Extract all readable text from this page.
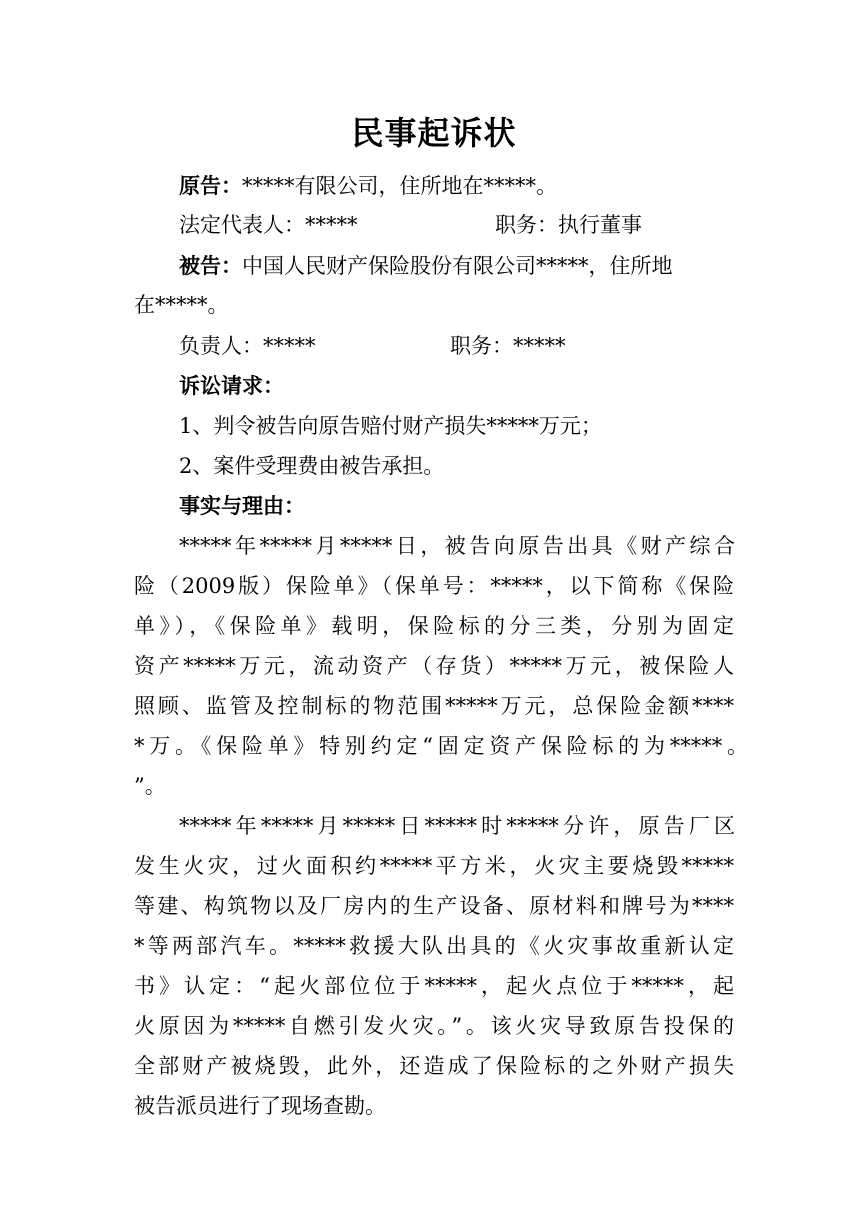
民事起诉状
原告：*****有限公司，住所地在*****。
法定代表人：*****	职务：执行董事
被告：中国人民财产保险股份有限公司*****，住所地
在*****。
负责人：*****	职务：*****
诉讼请求：
1、判令被告向原告赔付财产损失*****万元；
2、案件受理费由被告承担。
事实与理由：
*****年*****月*****日，被告向原告出具《财产综合
险（2009版）保险单》（保单号：*****，以下简称《保险
单》），《保险单》载明，保险标的分三类，分别为固定
资产*****万元，流动资产（存货）*****万元，被保险人
照顾、监管及控制标的物范围*****万元，总保险金额****
*万。《保险单》特别约定“固定资产保险标的为*****。
”。
*****年*****月*****日*****时*****分许，原告厂区
发生火灾，过火面积约*****平方米，火灾主要烧毁*****
等建、构筑物以及厂房内的生产设备、原材料和牌号为****
*等两部汽车。*****救援大队出具的《火灾事故重新认定
书》认定：“起火部位位于*****，起火点位于*****，起
火原因为*****自燃引发火灾。”。该火灾导致原告投保的
全部财产被烧毁，此外，还造成了保险标的之外财产损失
被告派员进行了现场查勘。
